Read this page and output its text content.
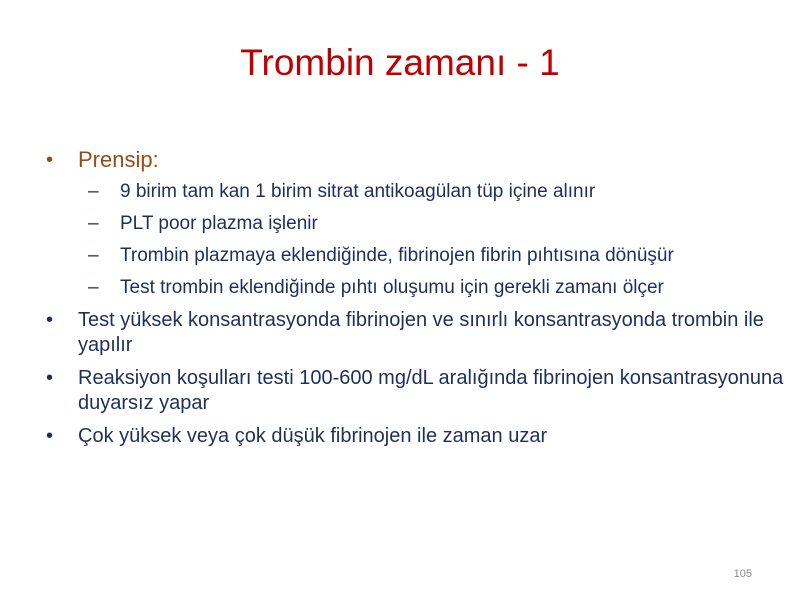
Trombin zamanı - 1
•	Prensip:
–	9 birim tam kan 1 birim sitrat antikoagülan tüp içine alınır
–	PLT poor plazma işlenir
–	Trombin plazmaya eklendiğinde, fibrinojen fibrin pıhtısına dönüşür
–	Test trombin eklendiğinde pıhtı oluşumu için gerekli zamanı ölçer
•	Test yüksek konsantrasyonda fibrinojen ve sınırlı konsantrasyonda trombin ile yapılır
•	Reaksiyon koşulları testi 100-600 mg/dL aralığında fibrinojen konsantrasyonuna duyarsız yapar
•	Çok yüksek veya çok düşük fibrinojen ile zaman uzar
105
